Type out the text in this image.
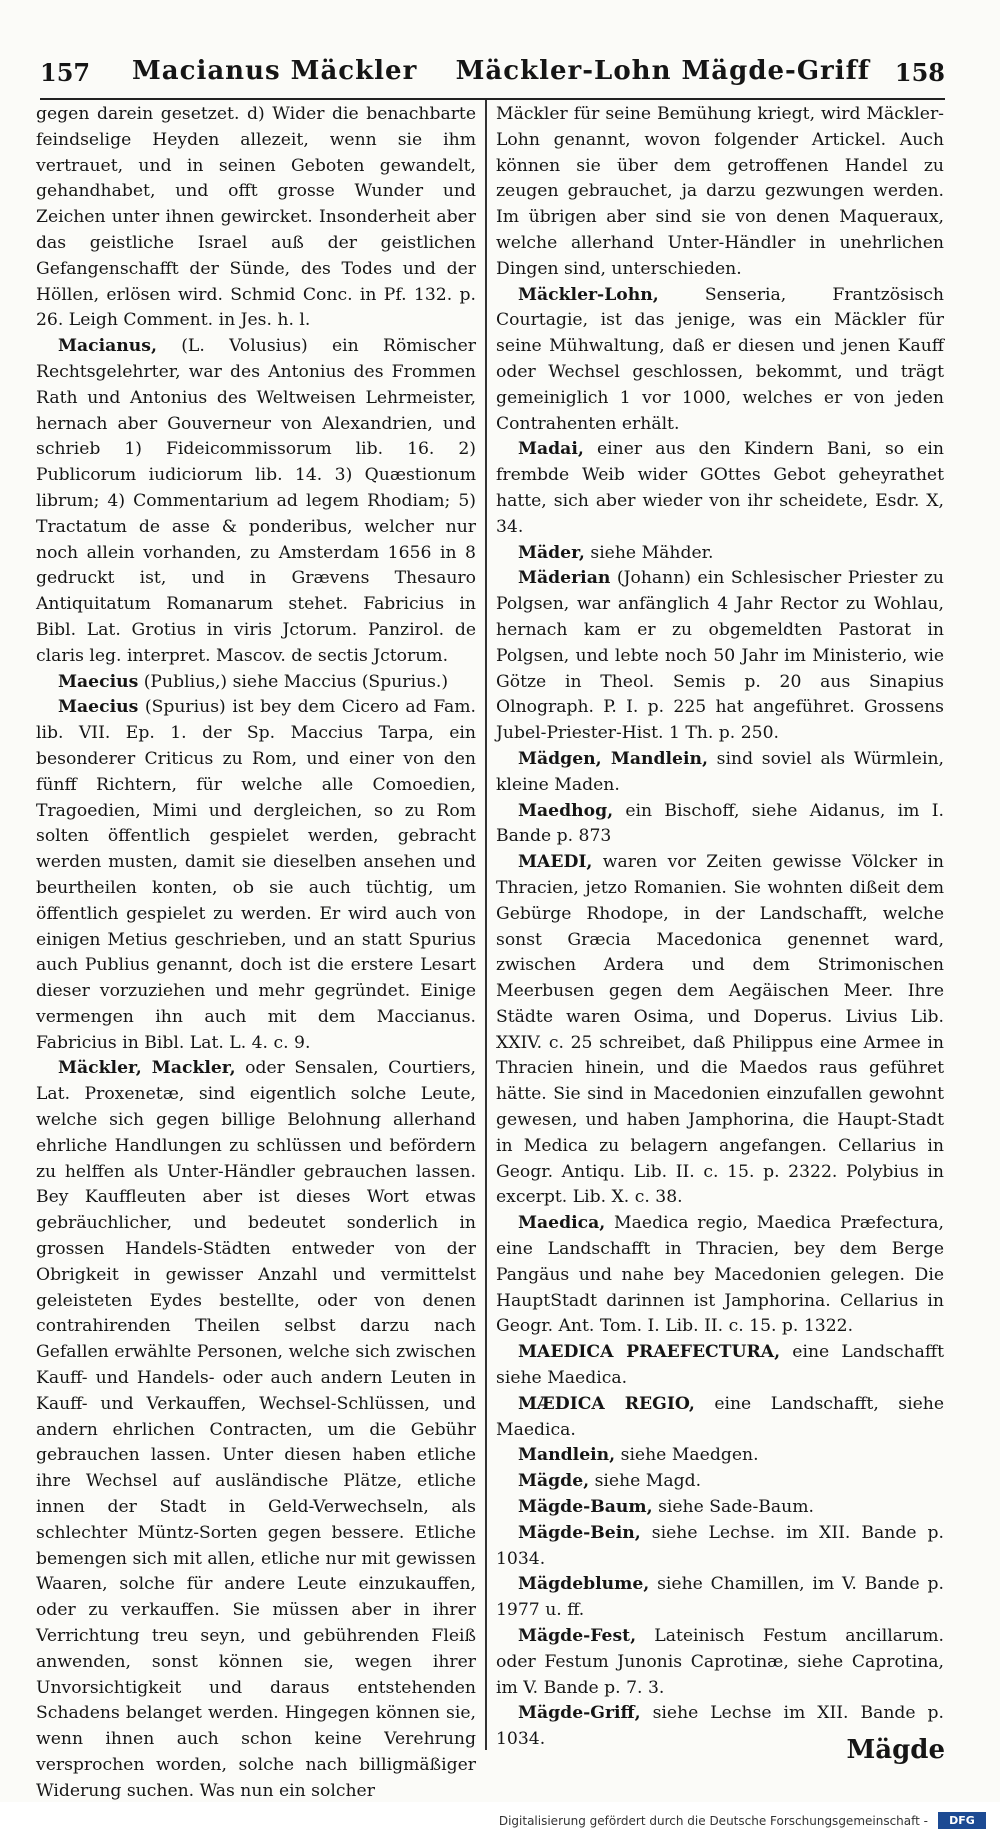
157 Macianus Mäckler Mäckler-Lohn Mägde-Griff 158

gegen darein gesetzet. d) Wider die benachbarte feindselige Heyden allezeit, wenn sie ihm vertrauet, und in seinen Geboten gewandelt, gehandhabet, und offt grosse Wunder und Zeichen unter ihnen gewircket. Insonderheit aber das geistliche Israel auß der geistlichen Gefangenschafft der Sünde, des Todes und der Höllen, erlösen wird. Schmid Conc. in Pf. 132. p. 26. Leigh Comment. in Jes. h. l.

Macianus, (L. Volusius) ein Römischer Rechtsgelehrter, war des Antonius des Frommen Rath und Antonius des Weltweisen Lehrmeister, hernach aber Gouverneur von Alexandrien, und schrieb 1) Fideicommissorum lib. 16. 2) Publicorum iudiciorum lib. 14. 3) Quæstionum librum; 4) Commentarium ad legem Rhodiam; 5) Tractatum de asse & ponderibus, welcher nur noch allein vorhanden, zu Amsterdam 1656 in 8 gedruckt ist, und in Grævens Thesauro Antiquitatum Romanarum stehet. Fabricius in Bibl. Lat. Grotius in viris Jctorum. Panzirol. de claris leg. interpret. Mascov. de sectis Jctorum.

Maecius (Publius,) siehe Maccius (Spurius.)

Maecius (Spurius) ist bey dem Cicero ad Fam. lib. VII. Ep. 1. der Sp. Maccius Tarpa, ein besonderer Criticus zu Rom, und einer von den fünff Richtern, für welche alle Comoedien, Tragoedien, Mimi und dergleichen, so zu Rom solten öffentlich gespielet werden, gebracht werden musten, damit sie dieselben ansehen und beurtheilen konten, ob sie auch tüchtig, um öffentlich gespielet zu werden. Er wird auch von einigen Metius geschrieben, und an statt Spurius auch Publius genannt, doch ist die erstere Lesart dieser vorzuziehen und mehr gegründet. Einige vermengen ihn auch mit dem Maccianus. Fabricius in Bibl. Lat. L. 4. c. 9.

Mäckler, Mackler, oder Sensalen, Courtiers, Lat. Proxenetæ, sind eigentlich solche Leute, welche sich gegen billige Belohnung allerhand ehrliche Handlungen zu schlüssen und befördern zu helffen als Unter-Händler gebrauchen lassen. Bey Kauffleuten aber ist dieses Wort etwas gebräuchlicher, und bedeutet sonderlich in grossen Handels-Städten entweder von der Obrigkeit in gewisser Anzahl und vermittelst geleisteten Eydes bestellte, oder von denen contrahirenden Theilen selbst darzu nach Gefallen erwählte Personen, welche sich zwischen Kauff- und Handels- oder auch andern Leuten in Kauff- und Verkauffen, Wechsel-Schlüssen, und andern ehrlichen Contracten, um die Gebühr gebrauchen lassen. Unter diesen haben etliche ihre Wechsel auf ausländische Plätze, etliche innen der Stadt in Geld-Verwechseln, als schlechter Müntz-Sorten gegen bessere. Etliche bemengen sich mit allen, etliche nur mit gewissen Waaren, solche für andere Leute einzukauffen, oder zu verkauffen. Sie müssen aber in ihrer Verrichtung treu seyn, und gebührenden Fleiß anwenden, sonst können sie, wegen ihrer Unvorsichtigkeit und daraus entstehenden Schadens belanget werden. Hingegen können sie, wenn ihnen auch schon keine Verehrung versprochen worden, solche nach billigmäßiger Widerung suchen. Was nun ein solcher

Mäckler für seine Bemühung kriegt, wird Mäckler-Lohn genannt, wovon folgender Artickel. Auch können sie über dem getroffenen Handel zu zeugen gebrauchet, ja darzu gezwungen werden. Im übrigen aber sind sie von denen Maqueraux, welche allerhand Unter-Händler in unehrlichen Dingen sind, unterschieden.

Mäckler-Lohn, Senseria, Frantzösisch Courtagie, ist das jenige, was ein Mäckler für seine Mühwaltung, daß er diesen und jenen Kauff oder Wechsel geschlossen, bekommt, und trägt gemeiniglich 1 vor 1000, welches er von jeden Contrahenten erhält.

Madai, einer aus den Kindern Bani, so ein frembde Weib wider GOttes Gebot geheyrathet hatte, sich aber wieder von ihr scheidete, Esdr. X, 34.

Mäder, siehe Mähder.

Mäderian (Johann) ein Schlesischer Priester zu Polgsen, war anfänglich 4 Jahr Rector zu Wohlau, hernach kam er zu obgemeldten Pastorat in Polgsen, und lebte noch 50 Jahr im Ministerio, wie Götze in Theol. Semis p. 20 aus Sinapius Olnograph. P. I. p. 225 hat angeführet. Grossens Jubel-Priester-Hist. 1 Th. p. 250.

Mädgen, Mandlein, sind soviel als Würmlein, kleine Maden.

Maedhog, ein Bischoff, siehe Aidanus, im I. Bande p. 873

MAEDI, waren vor Zeiten gewisse Völcker in Thracien, jetzo Romanien. Sie wohnten dißeit dem Gebürge Rhodope, in der Landschafft, welche sonst Græcia Macedonica genennet ward, zwischen Ardera und dem Strimonischen Meerbusen gegen dem Aegäischen Meer. Ihre Städte waren Osima, und Doperus. Livius Lib. XXIV. c. 25 schreibet, daß Philippus eine Armee in Thracien hinein, und die Maedos raus geführet hätte. Sie sind in Macedonien einzufallen gewohnt gewesen, und haben Jamphorina, die Haupt-Stadt in Medica zu belagern angefangen. Cellarius in Geogr. Antiqu. Lib. II. c. 15. p. 2322. Polybius in excerpt. Lib. X. c. 38.

Maedica, Maedica regio, Maedica Præfectura, eine Landschafft in Thracien, bey dem Berge Pangäus und nahe bey Macedonien gelegen. Die HauptStadt darinnen ist Jamphorina. Cellarius in Geogr. Ant. Tom. I. Lib. II. c. 15. p. 1322.

MAEDICA PRAEFECTURA, eine Landschafft siehe Maedica.

MÆDICA REGIO, eine Landschafft, siehe Maedica.

Mandlein, siehe Maedgen.

Mägde, siehe Magd.

Mägde-Baum, siehe Sade-Baum.

Mägde-Bein, siehe Lechse. im XII. Bande p. 1034.

Mägdeblume, siehe Chamillen, im V. Bande p. 1977 u. ff.

Mägde-Fest, Lateinisch Festum ancillarum. oder Festum Junonis Caprotinæ, siehe Caprotina, im V. Bande p. 7. 3.

Mägde-Griff, siehe Lechse im XII. Bande p. 1034.	Mägde
Digitalisierung gefördert durch die Deutsche Forschungsgemeinschaft -	DFG
